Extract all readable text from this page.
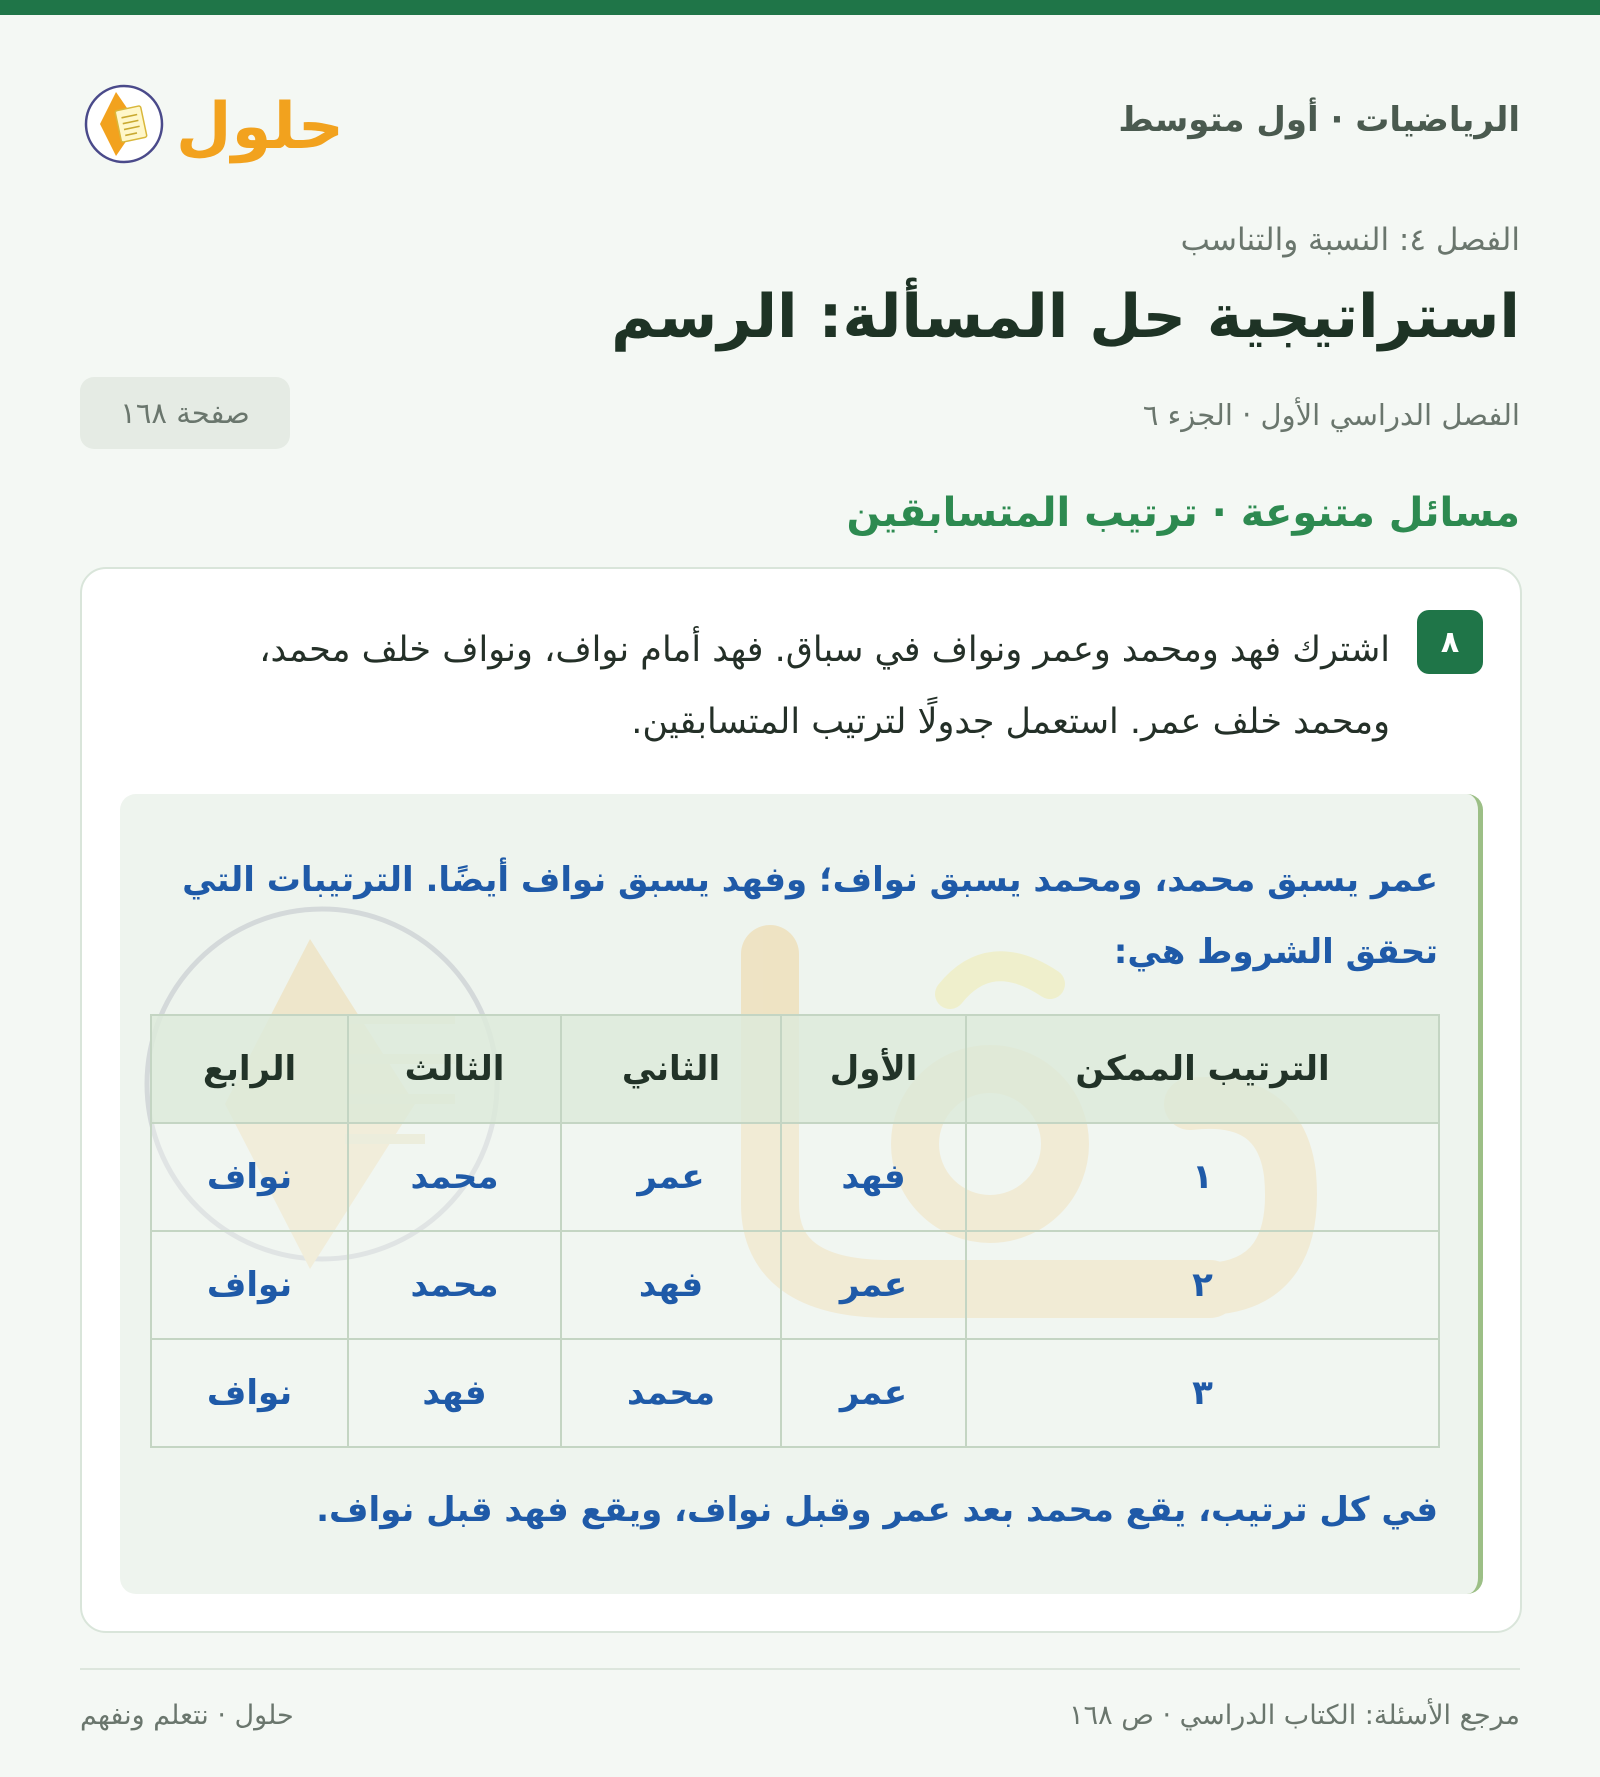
الرياضيات · أول متوسط
حلول
الفصل ٤: النسبة والتناسب
استراتيجية حل المسألة: الرسم
الفصل الدراسي الأول · الجزء ٦
صفحة ١٦٨
مسائل متنوعة · ترتيب المتسابقين
٨

اشترك فهد ومحمد وعمر ونواف في سباق. فهد أمام نواف، ونواف خلف محمد، ومحمد خلف عمر. استعمل جدولًا لترتيب المتسابقين.

عمر يسبق محمد، ومحمد يسبق نواف؛ وفهد يسبق نواف أيضًا. الترتيبات التي تحقق الشروط هي:

الترتيب الممكن	الأول	الثاني	الثالث	الرابع
١	فهد	عمر	محمد	نواف
٢	عمر	فهد	محمد	نواف
٣	عمر	محمد	فهد	نواف

في كل ترتيب، يقع محمد بعد عمر وقبل نواف، ويقع فهد قبل نواف.

مرجع الأسئلة: الكتاب الدراسي · ص ١٦٨
حلول · نتعلم ونفهم
